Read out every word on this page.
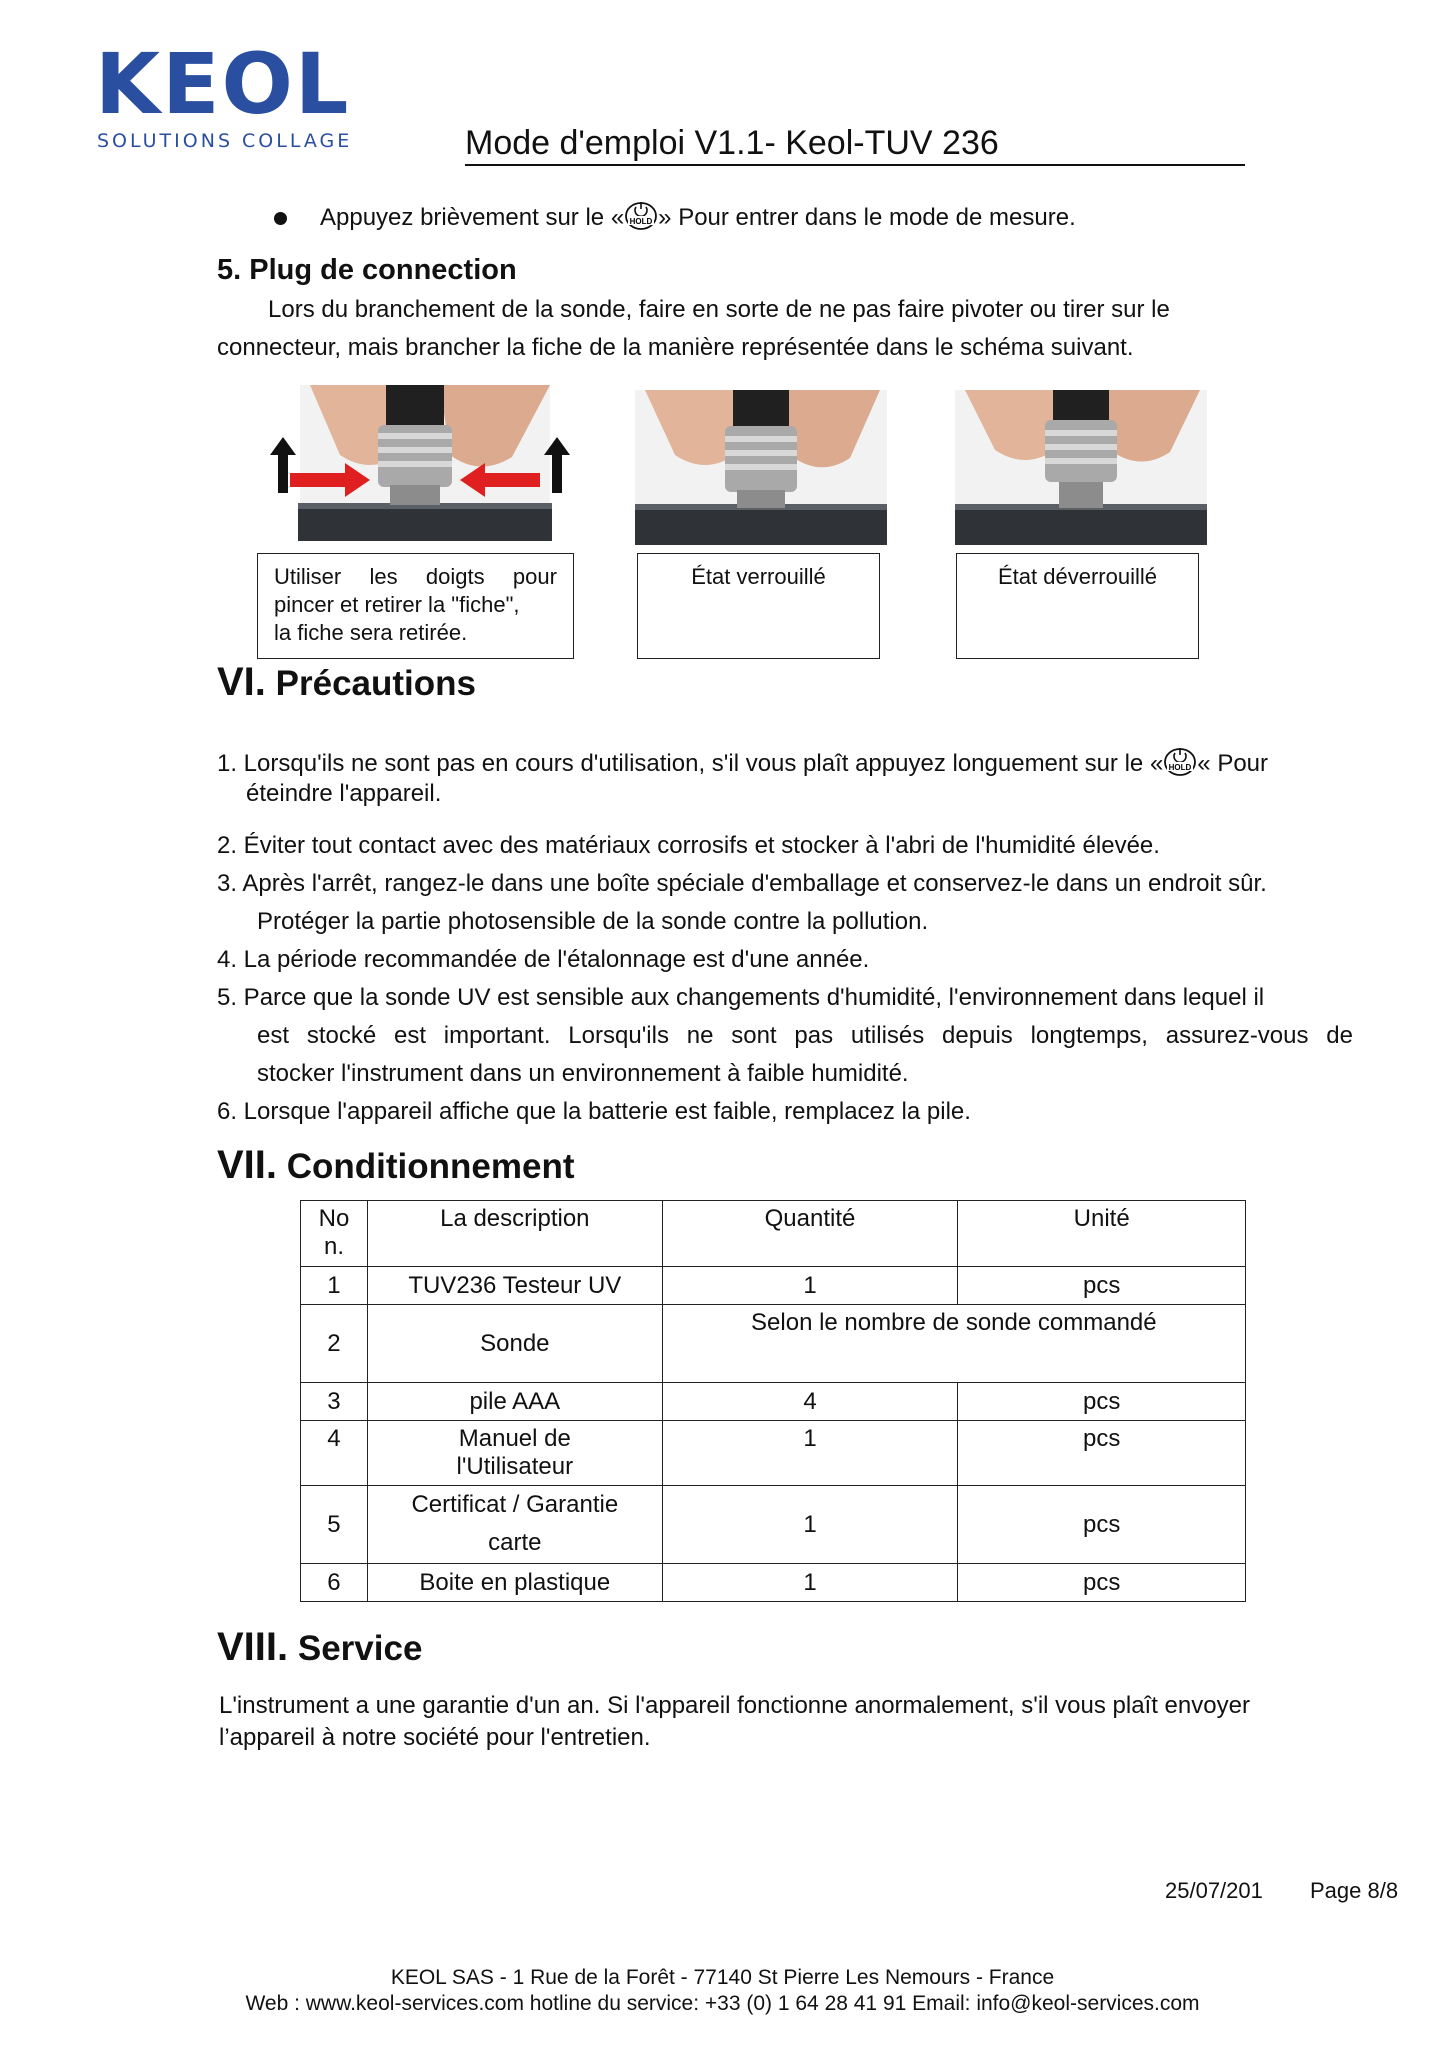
KEOL
SOLUTIONS COLLAGE	Mode d'emploi V1.1- Keol-TUV 236
Appuyez brièvement sur le « HOLD » Pour entrer dans le mode de mesure.
5. Plug de connection
Lors du branchement de la sonde, faire en sorte de ne pas faire pivoter ou tirer sur le
connecteur, mais brancher la fiche de la manière représentée dans le schéma suivant.
Utiliser les doigts pour
pincer et retirer la "fiche",
la fiche sera retirée.
État verrouillé	État déverrouillé
VI. Précautions
1. Lorsqu'ils ne sont pas en cours d'utilisation, s'il vous plaît appuyez longuement sur le « HOLD « Pour
éteindre l'appareil.
2. Éviter tout contact avec des matériaux corrosifs et stocker à l'abri de l'humidité élevée.
3. Après l'arrêt, rangez-le dans une boîte spéciale d'emballage et conservez-le dans un endroit sûr.
Protéger la partie photosensible de la sonde contre la pollution.
4. La période recommandée de l'étalonnage est d'une année.
5. Parce que la sonde UV est sensible aux changements d'humidité, l'environnement dans lequel il
est stocké est important. Lorsqu'ils ne sont pas utilisés depuis longtemps, assurez-vous de
stocker l'instrument dans un environnement à faible humidité.
6. Lorsque l'appareil affiche que la batterie est faible, remplacez la pile.
VII. Conditionnement
No
n.	La description	Quantité	Unité
1	TUV236 Testeur UV	1	pcs
2	Sonde	Selon le nombre de sonde commandé	
3	pile AAA	4	pcs
4	Manuel de
l'Utilisateur	1	pcs
5	Certificat / Garantie
carte	1	pcs
6	Boite en plastique	1	pcs
VIII. Service
L'instrument a une garantie d'un an. Si l'appareil fonctionne anormalement, s'il vous plaît envoyer
l’appareil à notre société pour l'entretien.
25/07/201 Page 8/8
KEOL SAS - 1 Rue de la Forêt - 77140 St Pierre Les Nemours - France
Web : www.keol-services.com hotline du service: +33 (0) 1 64 28 41 91 Email: info@keol-services.com
